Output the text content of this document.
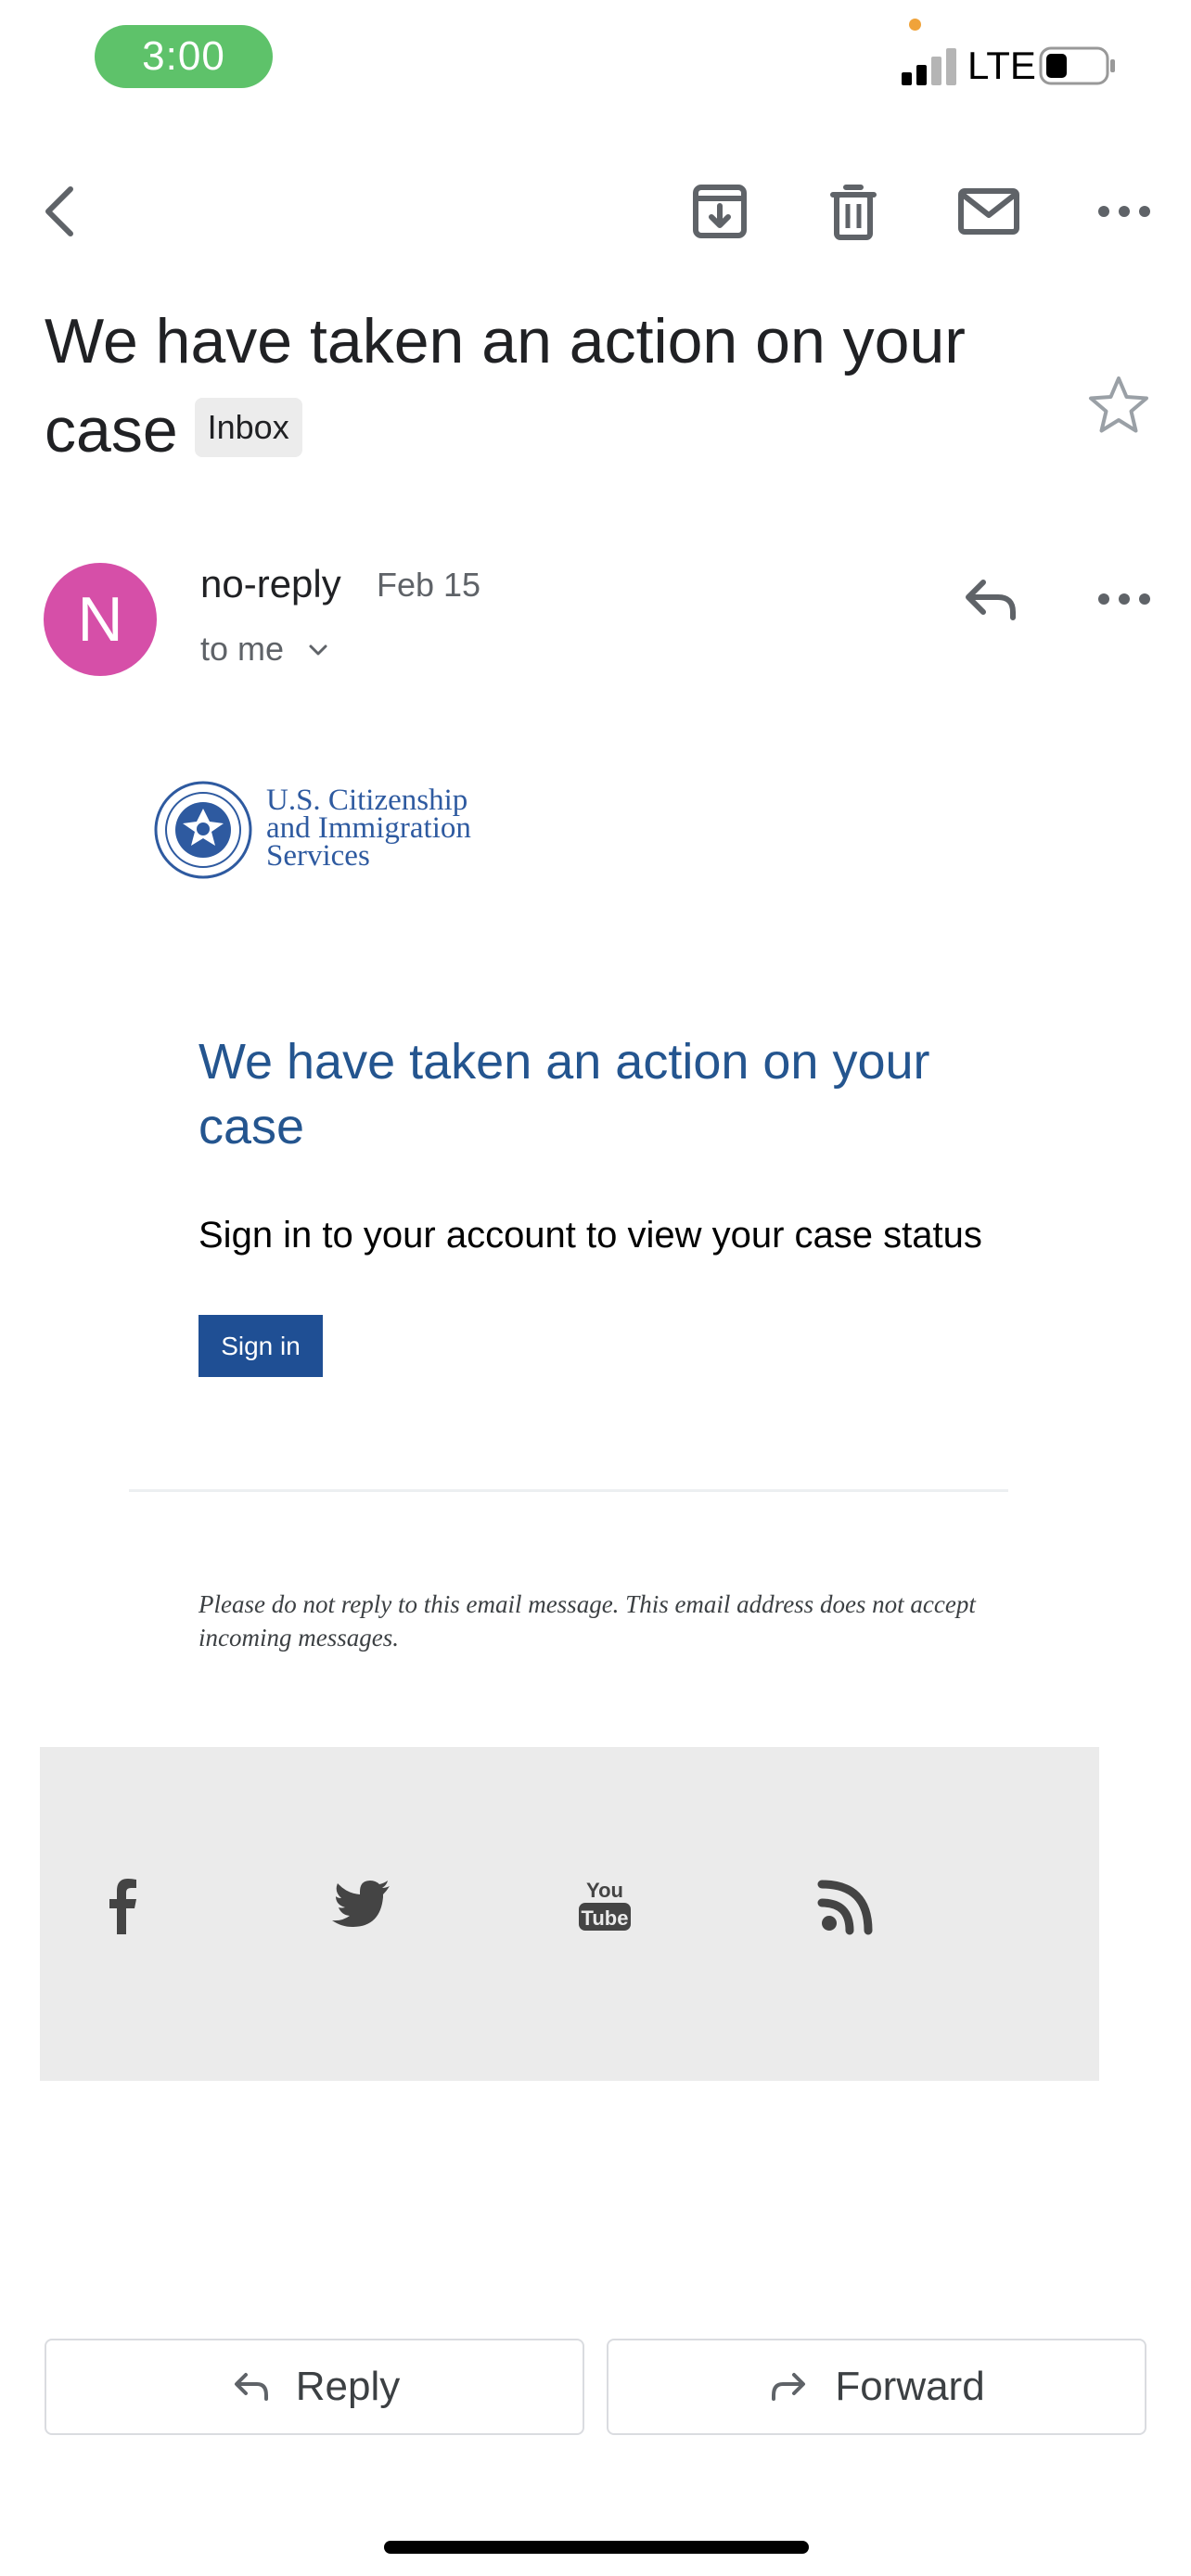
3:00	LTE
We have taken an action on your case Inbox
N
no-reply Feb 15
to me
U.S. Citizenship
and Immigration
Services
We have taken an action on your case
Sign in to your account to view your case status
Sign in
Please do not reply to this email message. This email address does not accept incoming messages.
You
Tube
Reply	Forward
